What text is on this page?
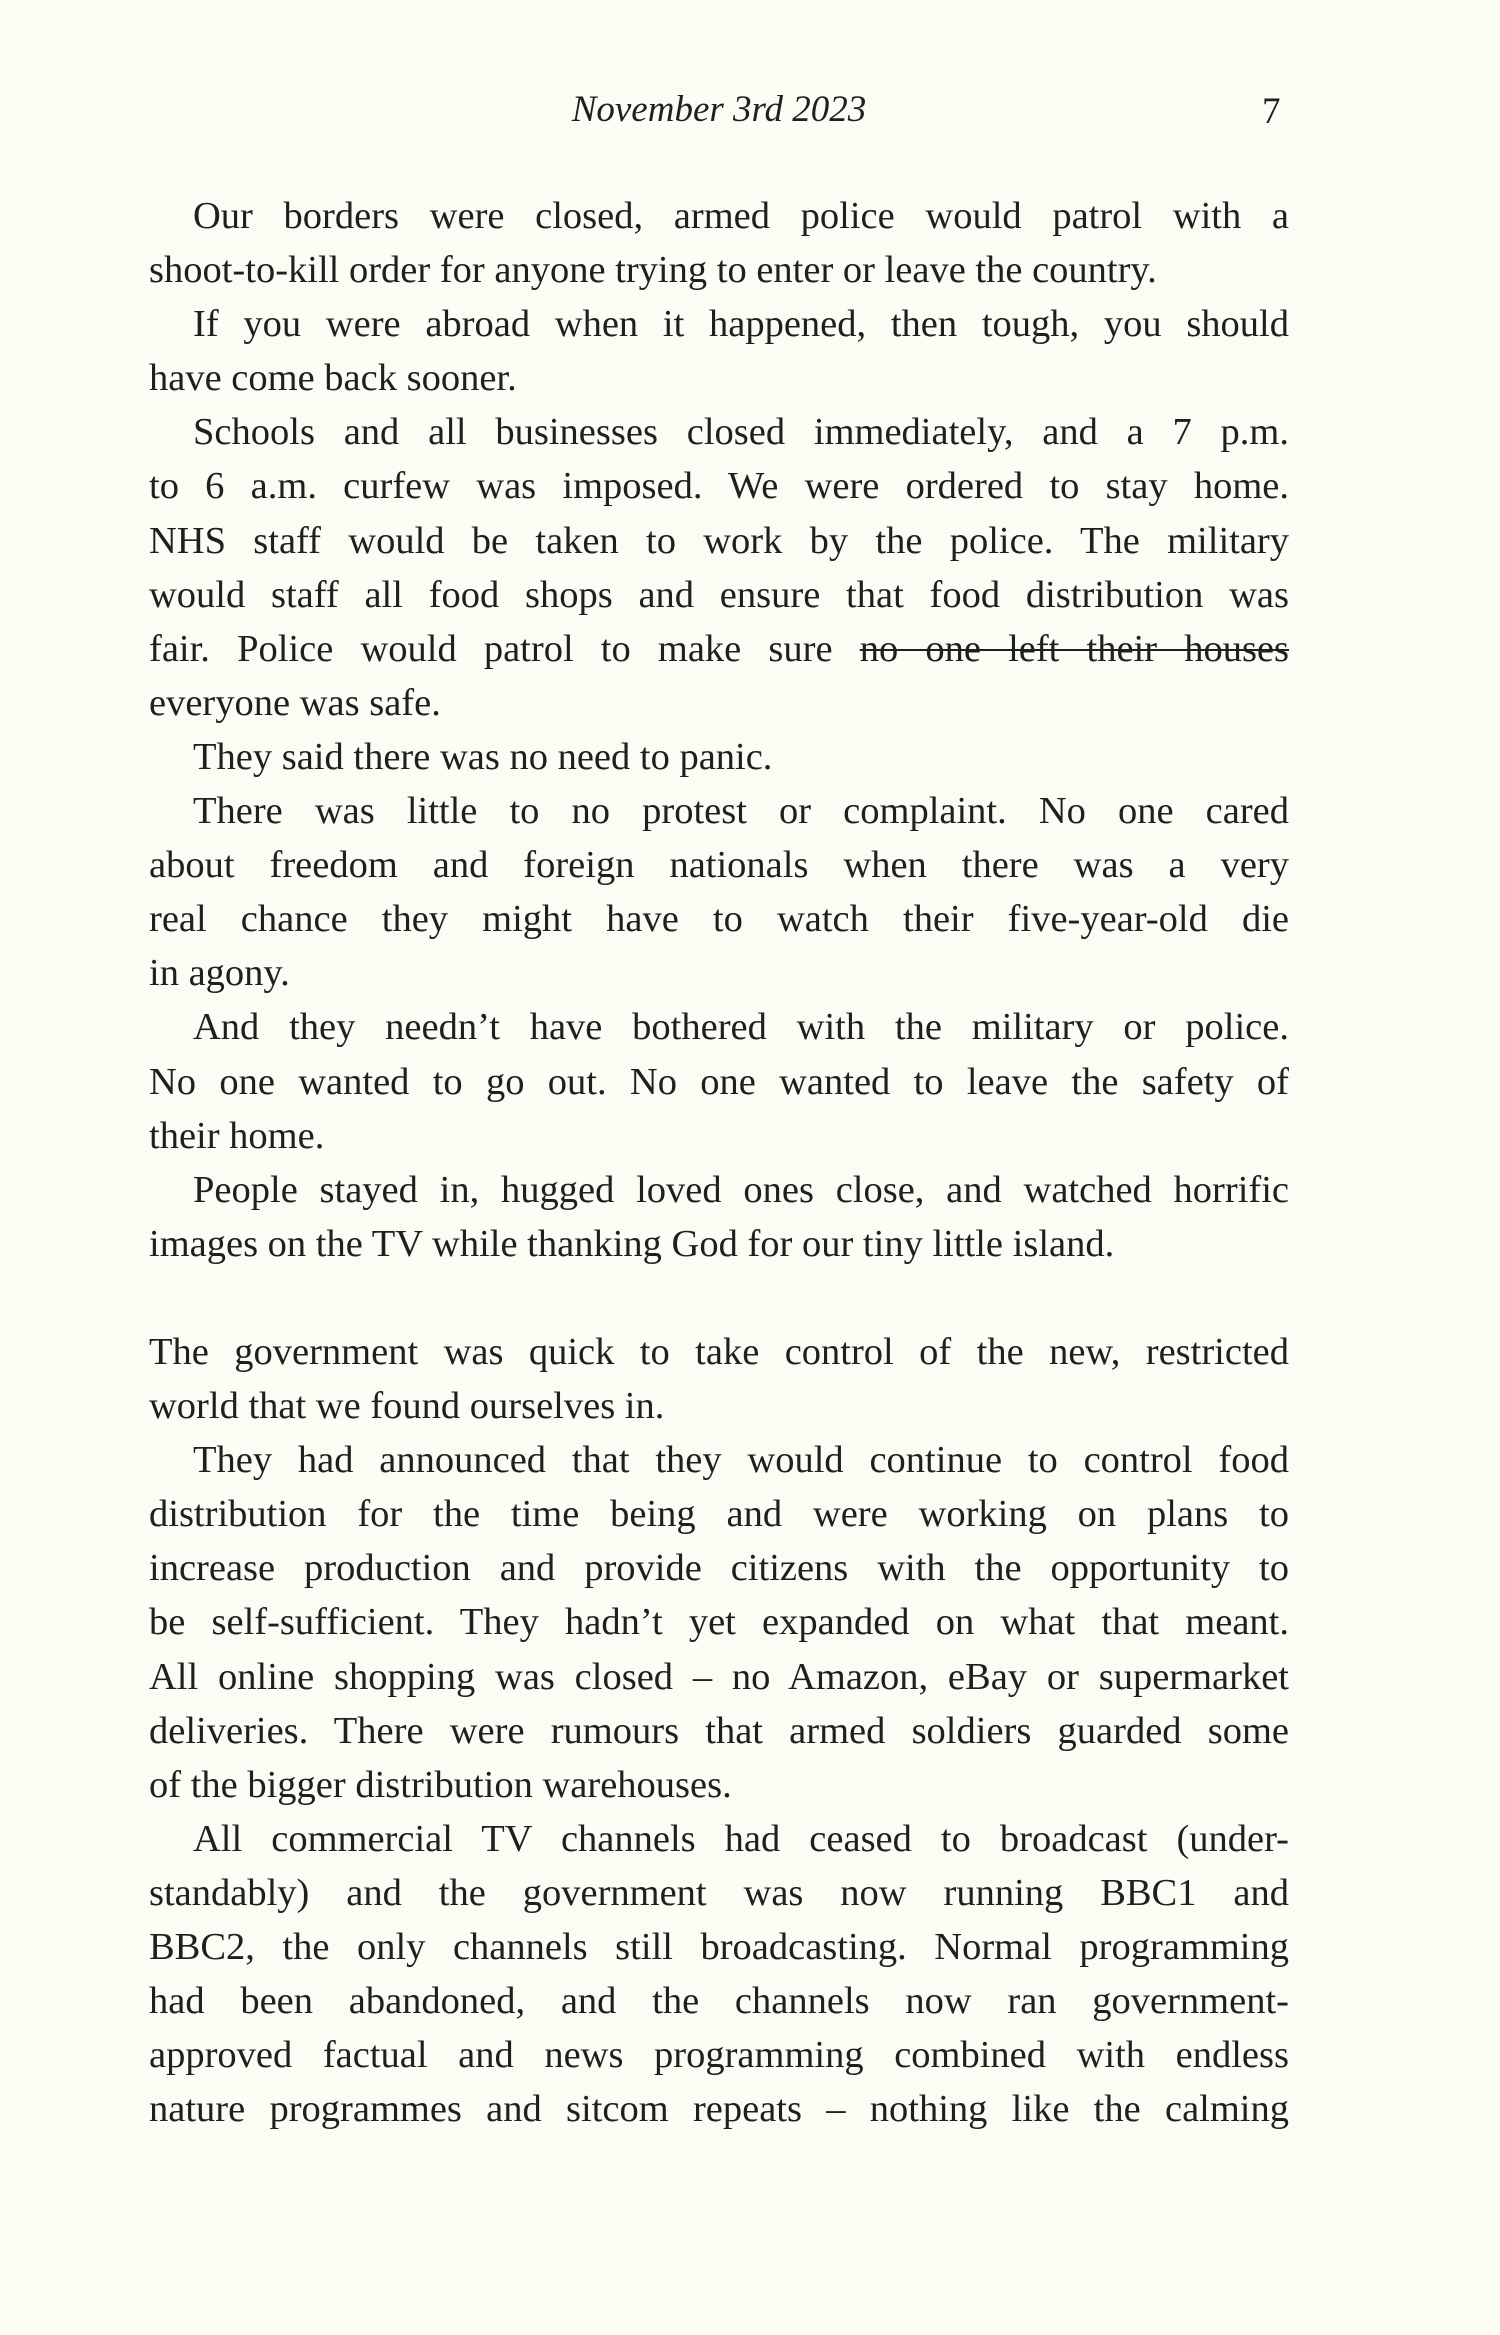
November 3rd 2023	7
Our borders were closed, armed police would patrol with a
shoot-to-kill order for anyone trying to enter or leave the country.
If you were abroad when it happened, then tough, you should
have come back sooner.
Schools and all businesses closed immediately, and a 7 p.m.
to 6 a.m. curfew was imposed. We were ordered to stay home.
NHS staff would be taken to work by the police. The military
would staff all food shops and ensure that food distribution was
fair. Police would patrol to make sure no one left their houses
everyone was safe.
They said there was no need to panic.
There was little to no protest or complaint. No one cared
about freedom and foreign nationals when there was a very
real chance they might have to watch their five-year-old die
in agony.
And they needn’t have bothered with the military or police.
No one wanted to go out. No one wanted to leave the safety of
their home.
People stayed in, hugged loved ones close, and watched horrific
images on the TV while thanking God for our tiny little island.
The government was quick to take control of the new, restricted
world that we found ourselves in.
They had announced that they would continue to control food
distribution for the time being and were working on plans to
increase production and provide citizens with the opportunity to
be self-sufficient. They hadn’t yet expanded on what that meant.
All online shopping was closed – no Amazon, eBay or supermarket
deliveries. There were rumours that armed soldiers guarded some
of the bigger distribution warehouses.
All commercial TV channels had ceased to broadcast (under-
standably) and the government was now running BBC1 and
BBC2, the only channels still broadcasting. Normal programming
had been abandoned, and the channels now ran government-
approved factual and news programming combined with endless
nature programmes and sitcom repeats – nothing like the calming
